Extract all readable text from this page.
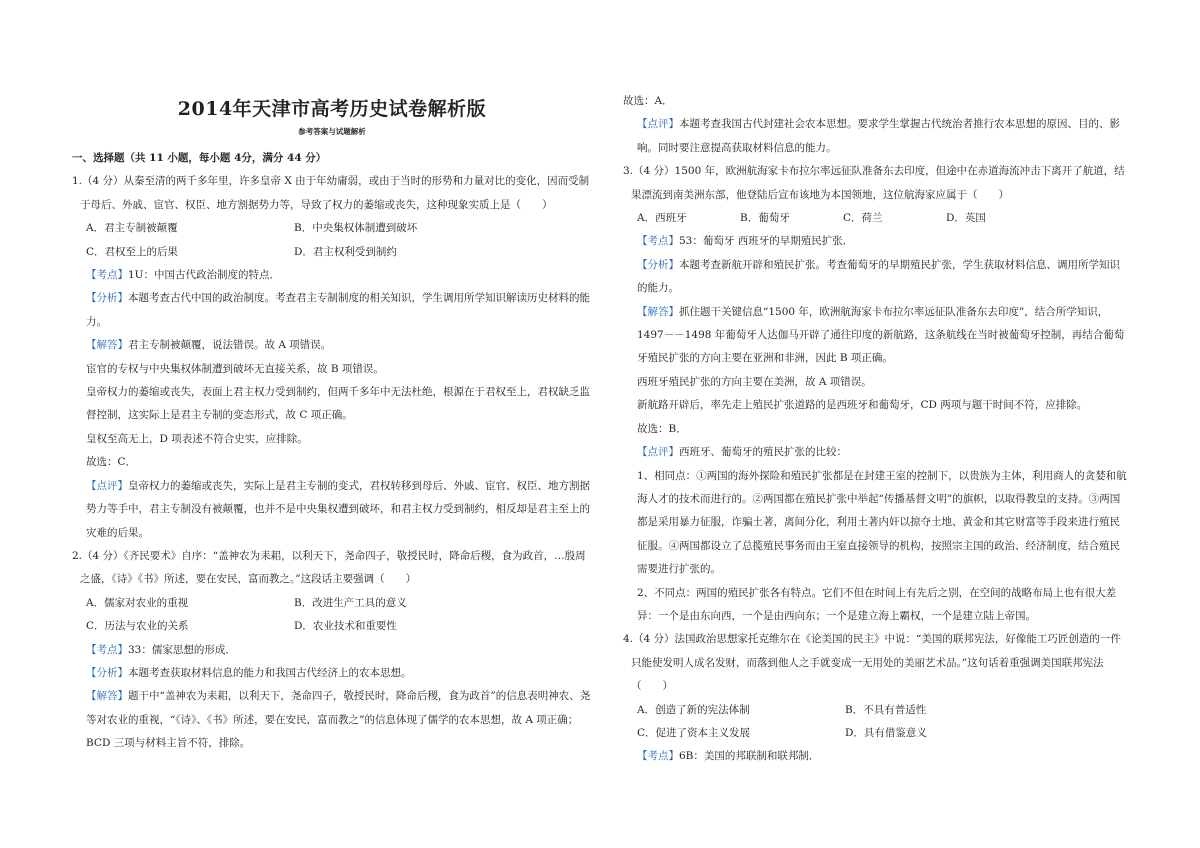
2014年天津市高考历史试卷解析版
参考答案与试题解析

一、选择题（共 11 小题，每小题 4分，满分 44 分）

1.（4 分）从秦至清的两千多年里，许多皇帝 X 由于年幼庸弱，或由于当时的形势和力量对比的变化，因而受制于母后、外戚、宦官、权臣、地方割据势力等，导致了权力的萎缩或丧失，这种现象实质上是（　　）

A．君主专制被颠覆	B．中央集权体制遭到破坏
C．君权至上的后果	D．君主权利受到制约

【考点】1U：中国古代政治制度的特点．

【分析】本题考查古代中国的政治制度。考查君主专制制度的相关知识，学生调用所学知识解读历史材料的能力。

【解答】君主专制被颠覆，说法错误。故 A 项错误。

宦官的专权与中央集权体制遭到破坏无直接关系，故 B 项错误。

皇帝权力的萎缩或丧失，表面上君主权力受到制约，但两千多年中无法杜绝，根源在于君权至上，君权缺乏监督控制，这实际上是君主专制的变态形式，故 C 项正确。

皇权至高无上，D 项表述不符合史实，应排除。

故选：C．

【点评】皇帝权力的萎缩或丧失，实际上是君主专制的变式，君权转移到母后、外戚、宦官、权臣、地方割据势力等手中，君主专制没有被颠覆，也并不是中央集权遭到破坏，和君主权力受到制约，相反却是君主至上的灾难的后果。

2.（4 分）《齐民要术》自序：“盖神农为耒耜，以利天下，尧命四子，敬授民时，降命后稷，食为政首，…殷周之盛，《诗》《书》所述，要在安民，富而教之。”这段话主要强调（　　）

A．儒家对农业的重视	B．改进生产工具的意义
C．历法与农业的关系	D．农业技术和重要性

【考点】33：儒家思想的形成．

【分析】本题考查获取材料信息的能力和我国古代经济上的农本思想。

【解答】题干中“盖神农为耒耜，以利天下，尧命四子，敬授民时，降命后稷，食为政首”的信息表明神农、尧等对农业的重视，“《诗》、《书》所述，要在安民，富而教之”的信息体现了儒学的农本思想，故 A 项正确；BCD 三项与材料主旨不符，排除。

故选：A．

【点评】本题考查我国古代封建社会农本思想。要求学生掌握古代统治者推行农本思想的原因、目的、影响。同时要注意提高获取材料信息的能力。

3.（4 分）1500 年，欧洲航海家卡布拉尔率远征队准备东去印度，但途中在赤道海流冲击下离开了航道，结果漂流到南美洲东部，他登陆后宣布该地为本国领地，这位航海家应属于（　　）

A．西班牙	B．葡萄牙	C．荷兰	D．英国

【考点】53：葡萄牙 西班牙的早期殖民扩张．

【分析】本题考查新航开辟和殖民扩张。考查葡萄牙的早期殖民扩张，学生获取材料信息、调用所学知识的能力。

【解答】抓住题干关键信息“1500 年，欧洲航海家卡布拉尔率远征队准备东去印度”，结合所学知识，1497－－1498 年葡萄牙人达伽马开辟了通往印度的新航路，这条航线在当时被葡萄牙控制，再结合葡萄牙殖民扩张的方向主要在亚洲和非洲，因此 B 项正确。

西班牙殖民扩张的方向主要在美洲，故 A 项错误。

新航路开辟后，率先走上殖民扩张道路的是西班牙和葡萄牙，CD 两项与题干时间不符，应排除。

故选：B．

【点评】西班牙、葡萄牙的殖民扩张的比较：

1、相同点：①两国的海外探险和殖民扩张都是在封建王室的控制下，以贵族为主体，利用商人的贪婪和航海人才的技术而进行的。②两国都在殖民扩张中举起“传播基督文明”的旗帜，以取得教皇的支持。③两国都是采用暴力征服，诈骗土著，离间分化，利用土著内奸以掠夺土地、黄金和其它财富等手段来进行殖民征服。④两国都设立了总揽殖民事务而由王室直接领导的机构，按照宗主国的政治、经济制度，结合殖民需要进行扩张的。

2、不同点：两国的殖民扩张各有特点。它们不但在时间上有先后之别，在空间的战略布局上也有很大差异：一个是由东向西，一个是由西向东；一个是建立海上霸权，一个是建立陆上帝国。

4.（4 分）法国政治思想家托克维尔在《论美国的民主》中说：“美国的联邦宪法，好像能工巧匠创造的一件只能使发明人成名发财，而落到他人之手就变成一无用处的美丽艺术品。”这句话着重强调美国联邦宪法（　　）

A．创造了新的宪法体制	B．不具有普适性
C．促进了资本主义发展	D．具有借鉴意义

【考点】6B：美国的邦联制和联邦制．
